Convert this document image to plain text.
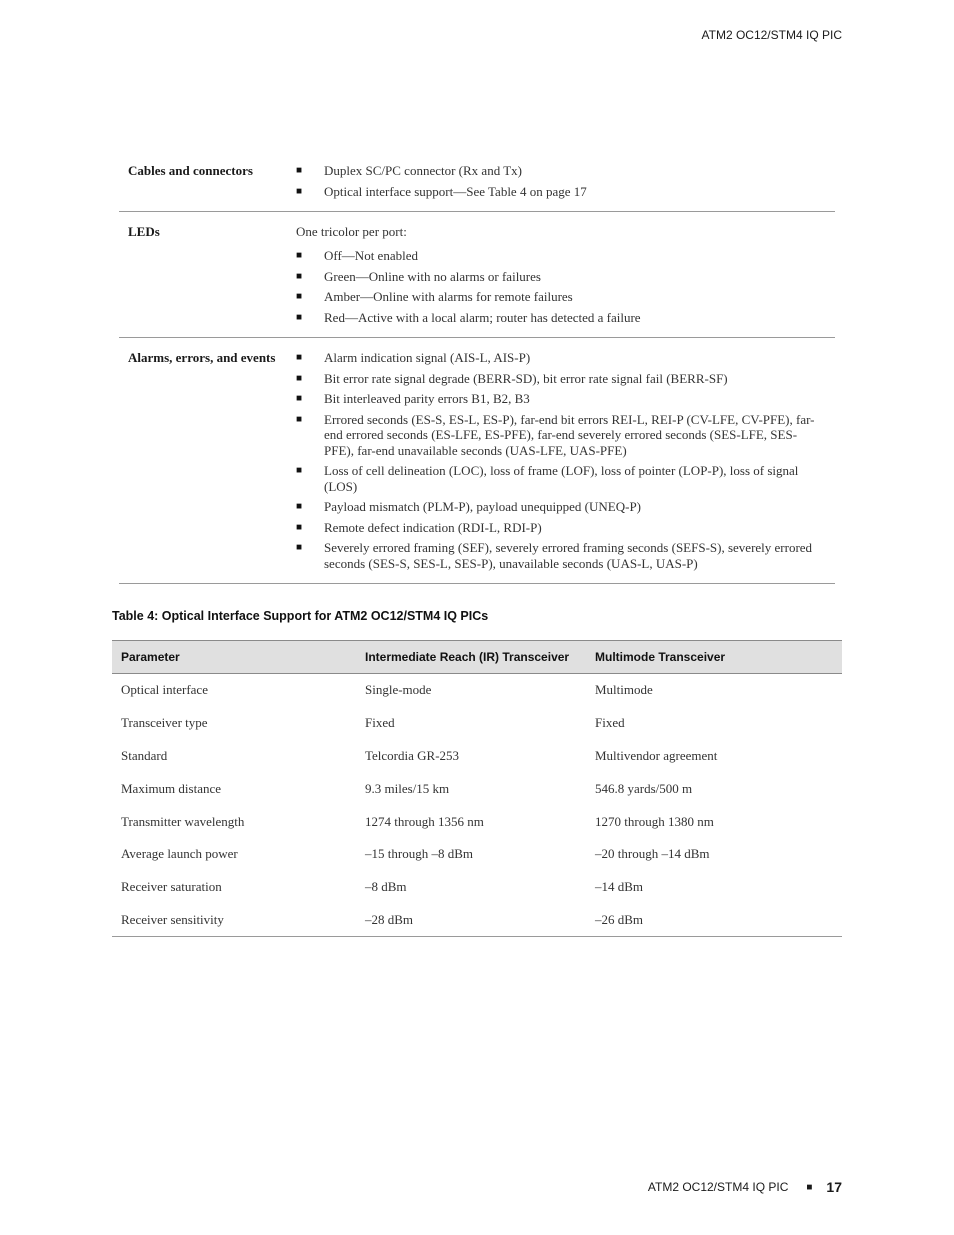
ATM2 OC12/STM4 IQ PIC
Cables and connectors	■	Duplex SC/PC connector (Rx and Tx)
■	Optical interface support—See Table 4 on page 17
LEDs	One tricolor per port:
■	Off—Not enabled
■	Green—Online with no alarms or failures
■	Amber—Online with alarms for remote failures
■	Red—Active with a local alarm; router has detected a failure
Alarms, errors, and events	■	Alarm indication signal (AIS-L, AIS-P)
■	Bit error rate signal degrade (BERR-SD), bit error rate signal fail (BERR-SF)
■	Bit interleaved parity errors B1, B2, B3
■	Errored seconds (ES-S, ES-L, ES-P), far-end bit errors REI-L, REI-P (CV-LFE, CV-PFE), far-end errored seconds (ES-LFE, ES-PFE), far-end severely errored seconds (SES-LFE, SES-PFE), far-end unavailable seconds (UAS-LFE, UAS-PFE)
■	Loss of cell delineation (LOC), loss of frame (LOF), loss of pointer (LOP-P), loss of signal (LOS)
■	Payload mismatch (PLM-P), payload unequipped (UNEQ-P)
■	Remote defect indication (RDI-L, RDI-P)
■	Severely errored framing (SEF), severely errored framing seconds (SEFS-S), severely errored seconds (SES-S, SES-L, SES-P), unavailable seconds (UAS-L, UAS-P)
Table 4: Optical Interface Support for ATM2 OC12/STM4 IQ PICs
Parameter	Intermediate Reach (IR) Transceiver	Multimode Transceiver
Optical interface	Single-mode	Multimode
Transceiver type	Fixed	Fixed
Standard	Telcordia GR-253	Multivendor agreement
Maximum distance	9.3 miles/15 km	546.8 yards/500 m
Transmitter wavelength	1274 through 1356 nm	1270 through 1380 nm
Average launch power	–15 through –8 dBm	–20 through –14 dBm
Receiver saturation	–8 dBm	–14 dBm
Receiver sensitivity	–28 dBm	–26 dBm
ATM2 OC12/STM4 IQ PIC ■ 17
